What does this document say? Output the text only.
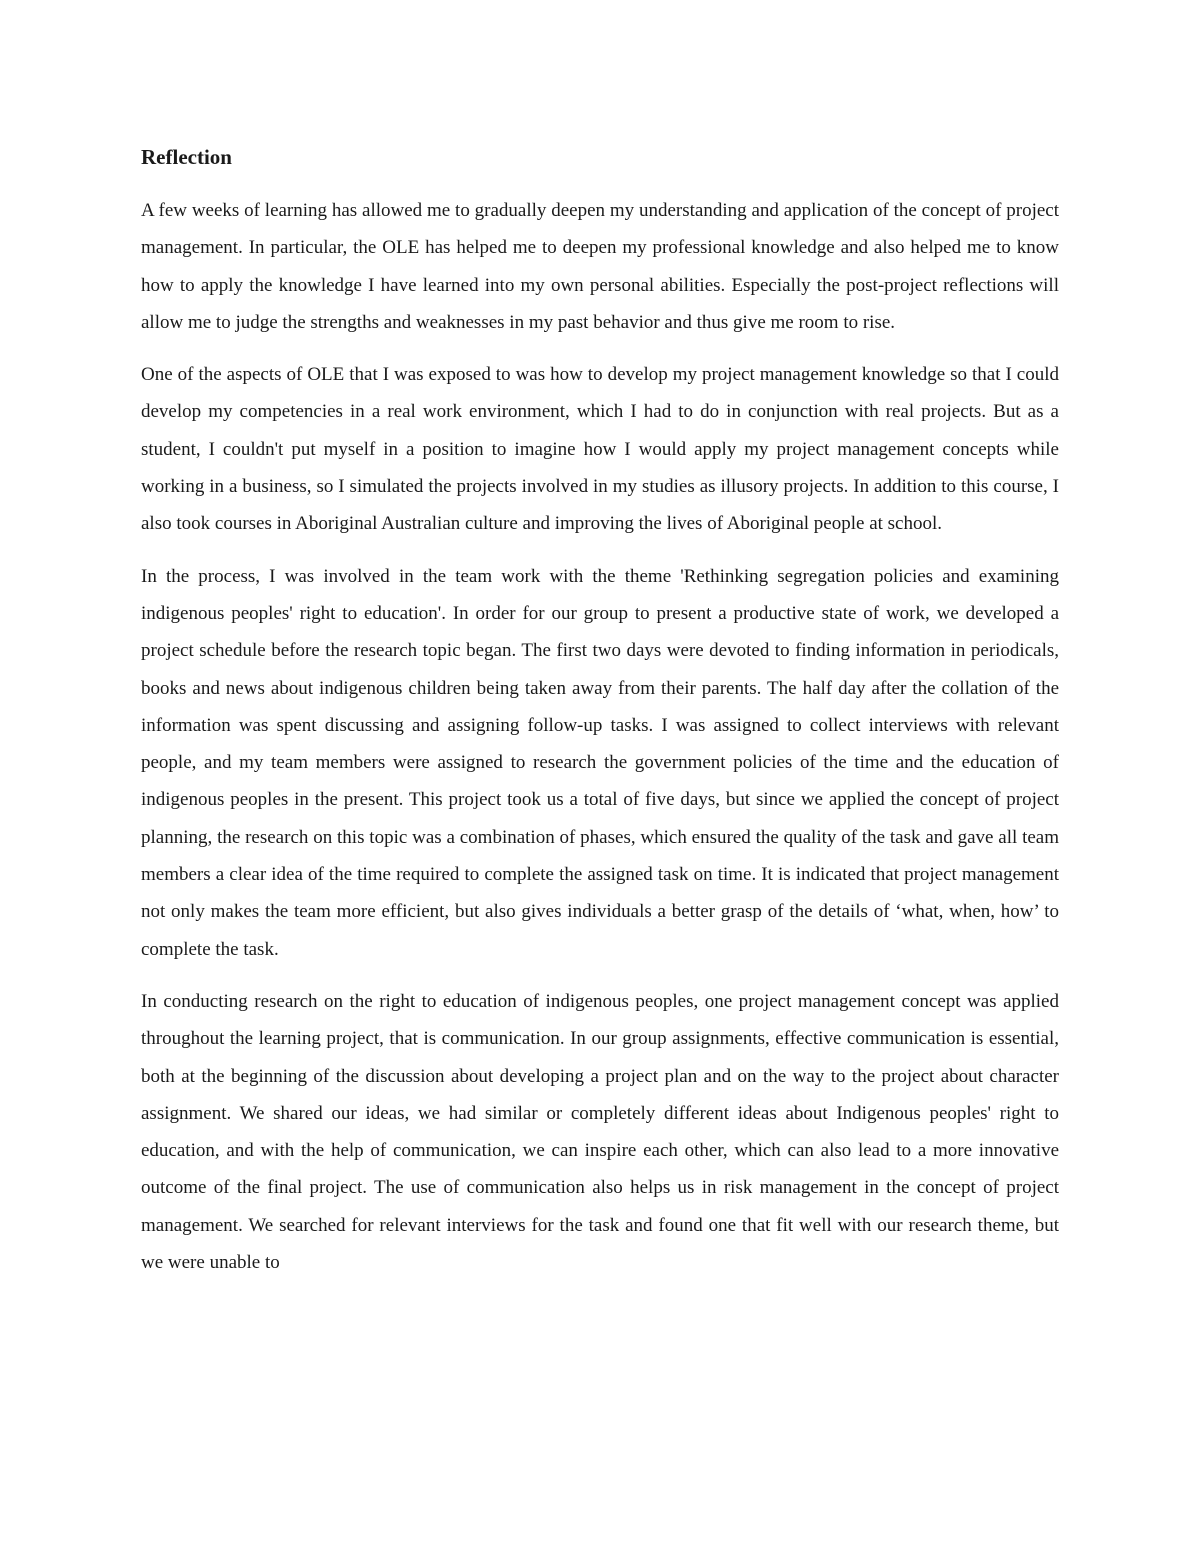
Reflection

A few weeks of learning has allowed me to gradually deepen my understanding and application of the concept of project management. In particular, the OLE has helped me to deepen my professional knowledge and also helped me to know how to apply the knowledge I have learned into my own personal abilities. Especially the post-project reflections will allow me to judge the strengths and weaknesses in my past behavior and thus give me room to rise.

One of the aspects of OLE that I was exposed to was how to develop my project management knowledge so that I could develop my competencies in a real work environment, which I had to do in conjunction with real projects. But as a student, I couldn't put myself in a position to imagine how I would apply my project management concepts while working in a business, so I simulated the projects involved in my studies as illusory projects. In addition to this course, I also took courses in Aboriginal Australian culture and improving the lives of Aboriginal people at school.

In the process, I was involved in the team work with the theme 'Rethinking segregation policies and examining indigenous peoples' right to education'. In order for our group to present a productive state of work, we developed a project schedule before the research topic began. The first two days were devoted to finding information in periodicals, books and news about indigenous children being taken away from their parents. The half day after the collation of the information was spent discussing and assigning follow-up tasks. I was assigned to collect interviews with relevant people, and my team members were assigned to research the government policies of the time and the education of indigenous peoples in the present. This project took us a total of five days, but since we applied the concept of project planning, the research on this topic was a combination of phases, which ensured the quality of the task and gave all team members a clear idea of the time required to complete the assigned task on time. It is indicated that project management not only makes the team more efficient, but also gives individuals a better grasp of the details of ‘what, when, how’ to complete the task.

In conducting research on the right to education of indigenous peoples, one project management concept was applied throughout the learning project, that is communication. In our group assignments, effective communication is essential, both at the beginning of the discussion about developing a project plan and on the way to the project about character assignment. We shared our ideas, we had similar or completely different ideas about Indigenous peoples' right to education, and with the help of communication, we can inspire each other, which can also lead to a more innovative outcome of the final project. The use of communication also helps us in risk management in the concept of project management. We searched for relevant interviews for the task and found one that fit well with our research theme, but we were unable to
